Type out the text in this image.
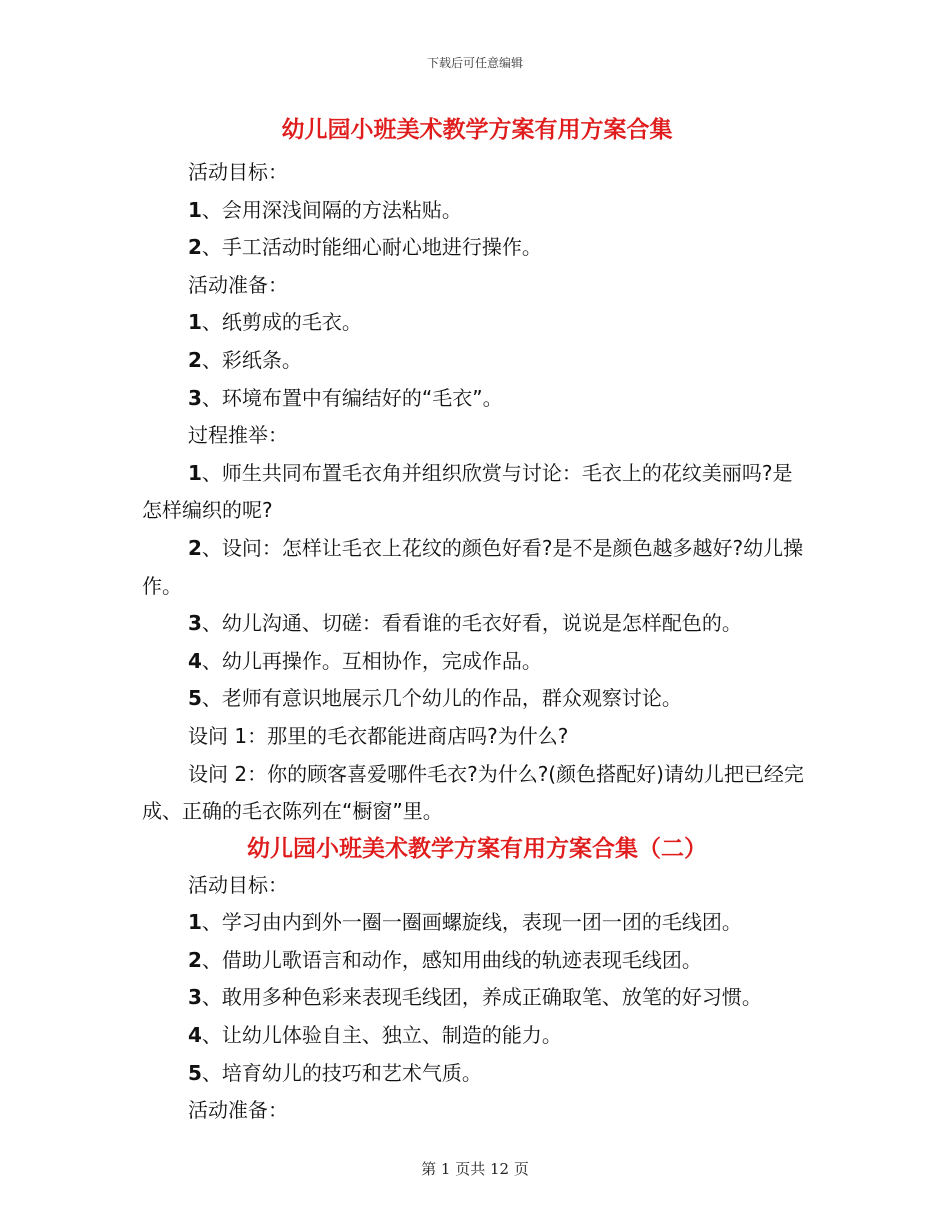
下载后可任意编辑
幼儿园小班美术教学方案有用方案合集

活动目标：

1、会用深浅间隔的方法粘贴。

2、手工活动时能细心耐心地进行操作。

活动准备：

1、纸剪成的毛衣。

2、彩纸条。

3、环境布置中有编结好的“毛衣”。

过程推举：

1、师生共同布置毛衣角并组织欣赏与讨论：毛衣上的花纹美丽吗?是怎样编织的呢?

2、设问：怎样让毛衣上花纹的颜色好看?是不是颜色越多越好?幼儿操作。

3、幼儿沟通、切磋：看看谁的毛衣好看，说说是怎样配色的。

4、幼儿再操作。互相协作，完成作品。

5、老师有意识地展示几个幼儿的作品，群众观察讨论。

设问 1：那里的毛衣都能进商店吗?为什么?

设问 2：你的顾客喜爱哪件毛衣?为什么?(颜色搭配好)请幼儿把已经完成、正确的毛衣陈列在“橱窗”里。

幼儿园小班美术教学方案有用方案合集（二）

活动目标：

1、学习由内到外一圈一圈画螺旋线，表现一团一团的毛线团。

2、借助儿歌语言和动作，感知用曲线的轨迹表现毛线团。

3、敢用多种色彩来表现毛线团，养成正确取笔、放笔的好习惯。

4、让幼儿体验自主、独立、制造的能力。

5、培育幼儿的技巧和艺术气质。

活动准备：

第 1 页共 12 页
